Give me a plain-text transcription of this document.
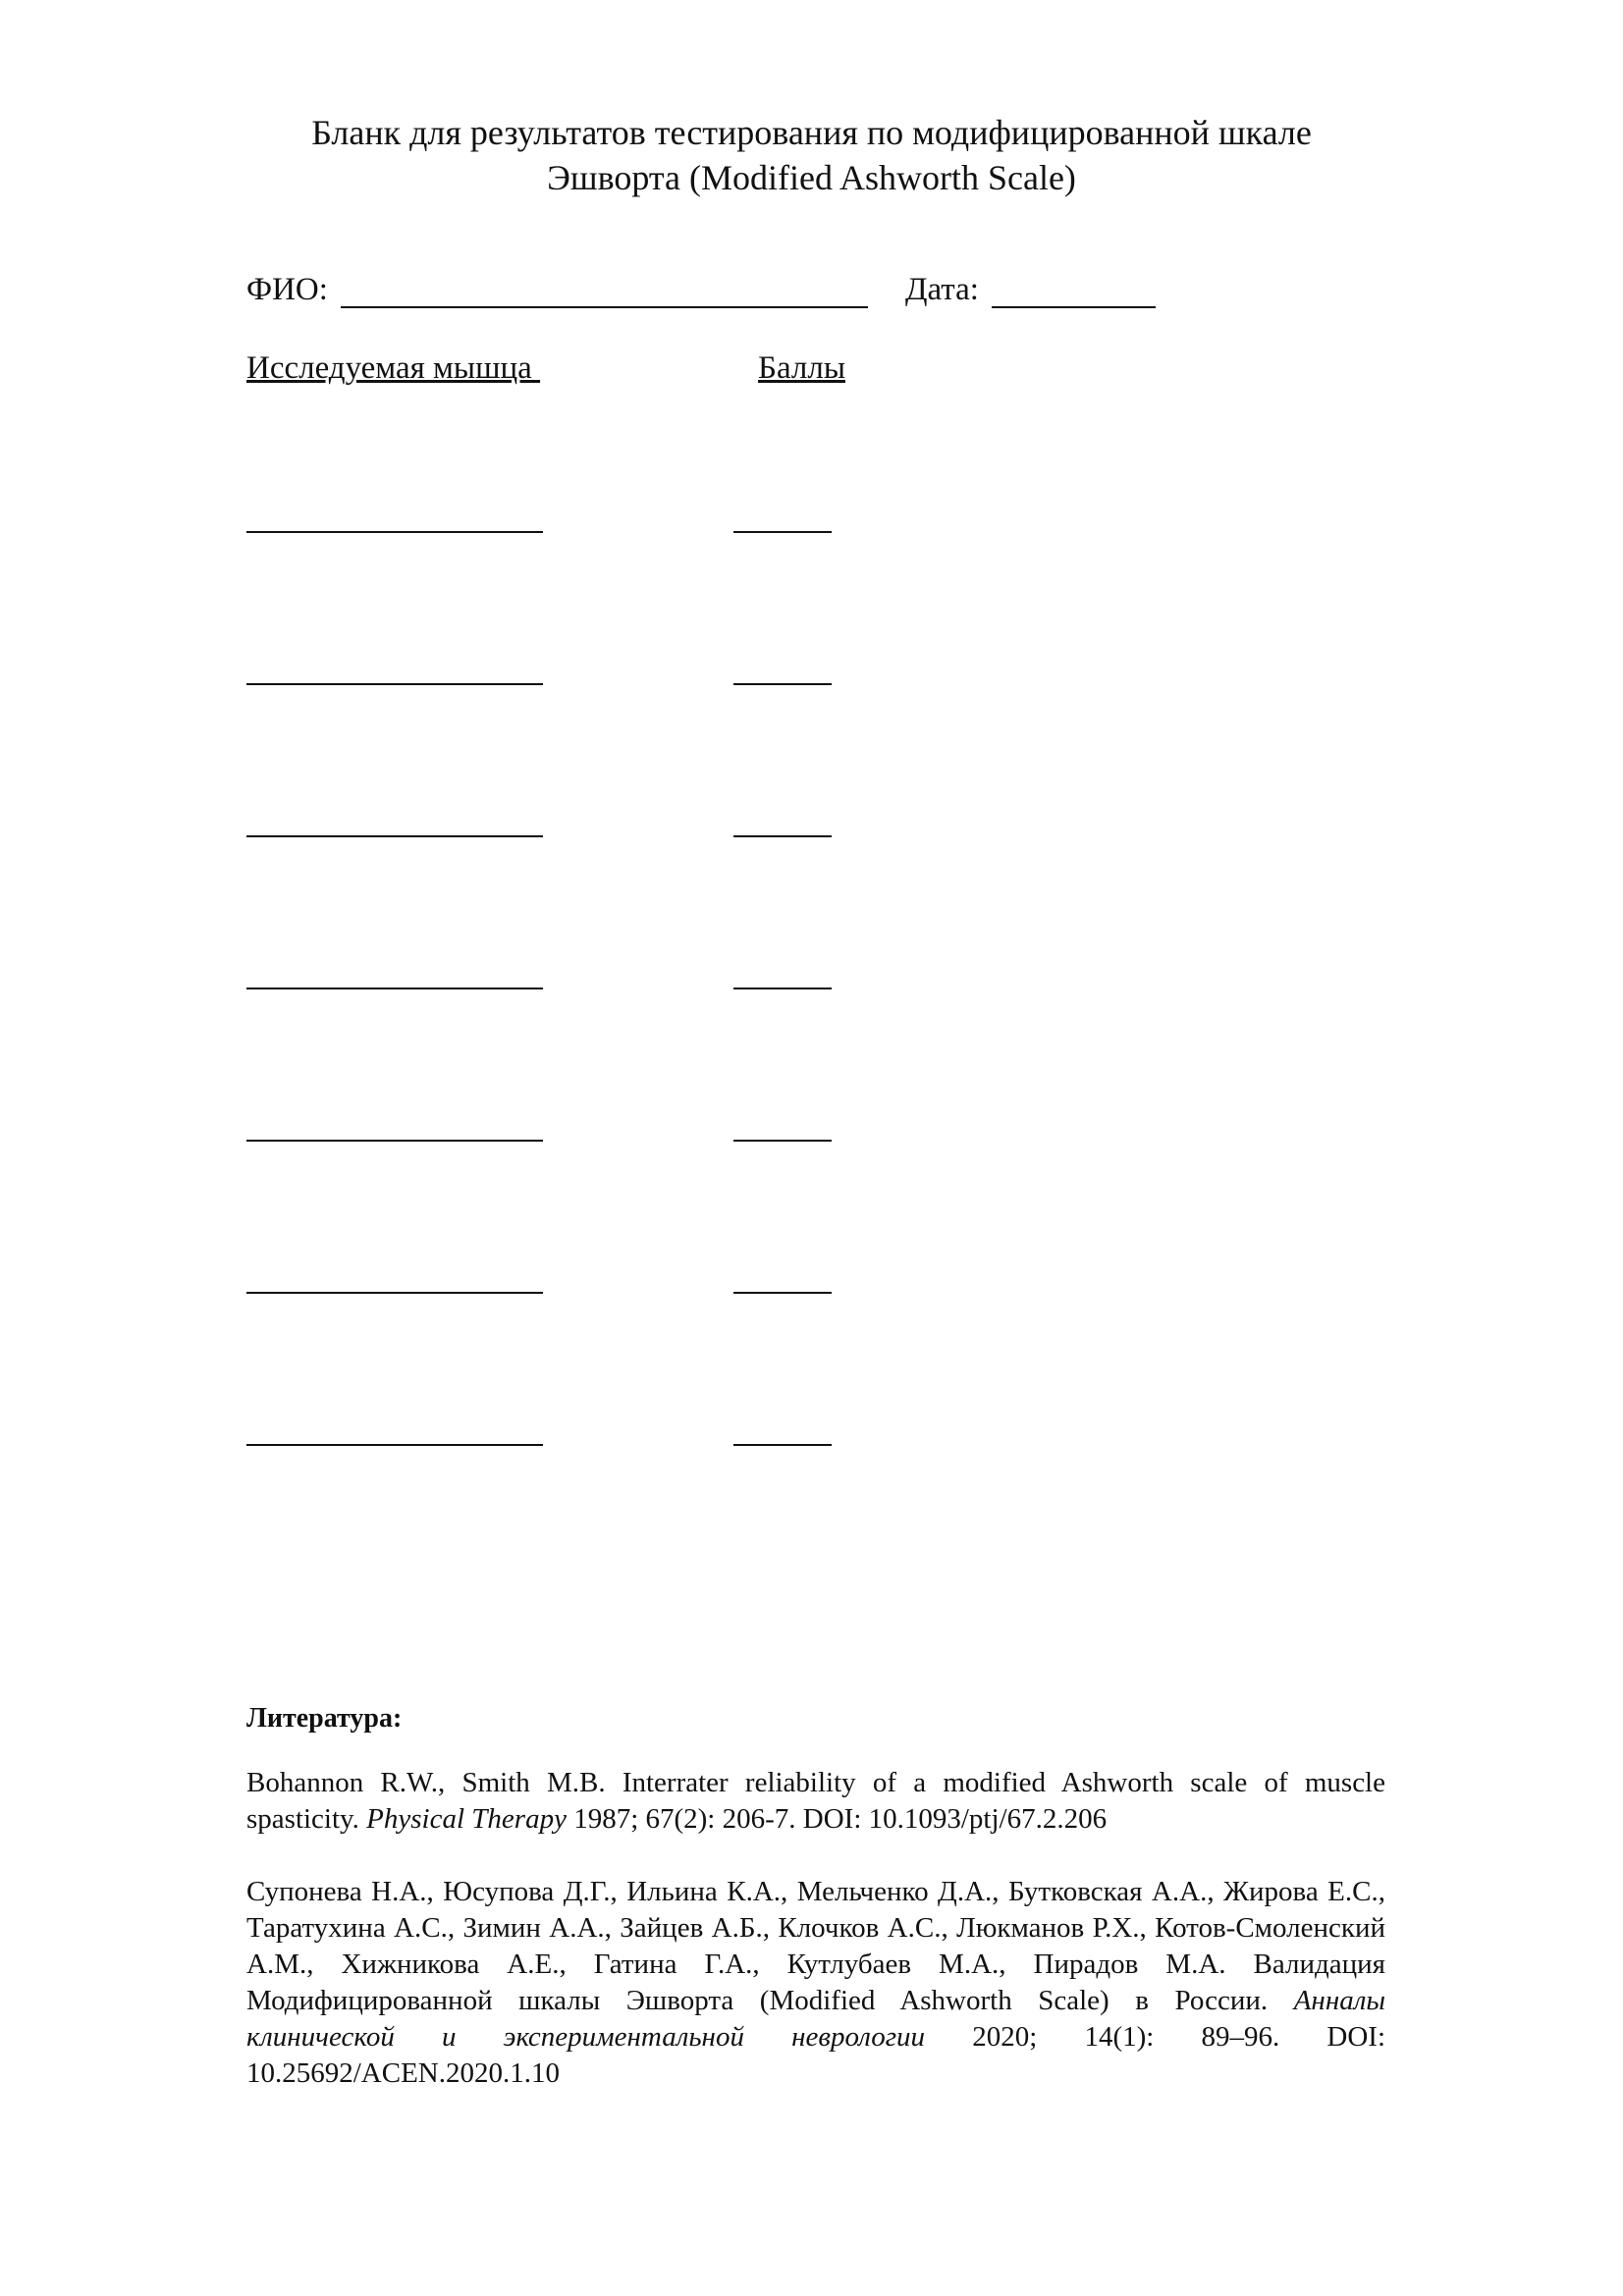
Бланк для результатов тестирования по модифицированной шкале
Эшворта (Modified Ashworth Scale)
ФИО:	Дата:
Исследуемая мышца	Баллы
Литература:
Bohannon R.W., Smith M.B. Interrater reliability of a modified Ashworth scale of muscle spasticity. Physical Therapy 1987; 67(2): 206-7. DOI: 10.1093/ptj/67.2.206
Супонева Н.А., Юсупова Д.Г., Ильина К.А., Мельченко Д.А., Бутковская А.А., Жирова Е.С., Таратухина А.С., Зимин А.А., Зайцев А.Б., Клочков А.С., Люкманов Р.Х., Котов-Смоленский А.М., Хижникова А.Е., Гатина Г.А., Кутлубаев М.А., Пирадов М.А. Валидация Модифицированной шкалы Эшворта (Modified Ashworth Scale) в России. Анналы клинической и экспериментальной неврологии 2020; 14(1): 89–96. DOI: 10.25692/ACEN.2020.1.10
